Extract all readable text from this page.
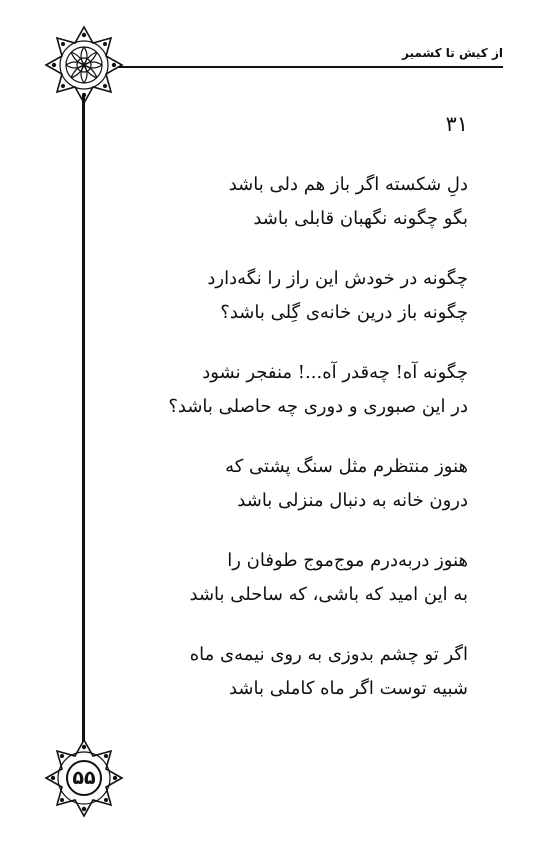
از کیش تا کشمیر
۳۱
دلِ شکسته اگر باز هم دلی باشد
بگو چگونه نگهبان قابلی باشد
چگونه در خودش این راز را نگه‌دارد
چگونه باز درین خانه‌ی گِلی باشد؟
چگونه آه! چه‌قدر آه...! منفجر نشود
در این صبوری و دوری چه حاصلی باشد؟
هنوز منتظرم مثل سنگ پشتی که
درون خانه به دنبال منزلی باشد
هنوز دربه‌درم موج‌موج طوفان را
به این امید که باشی، که ساحلی باشد
اگر تو چشم بدوزی به روی نیمه‌ی ماه
شبیه توست اگر ماه کاملی باشد
۵۵
